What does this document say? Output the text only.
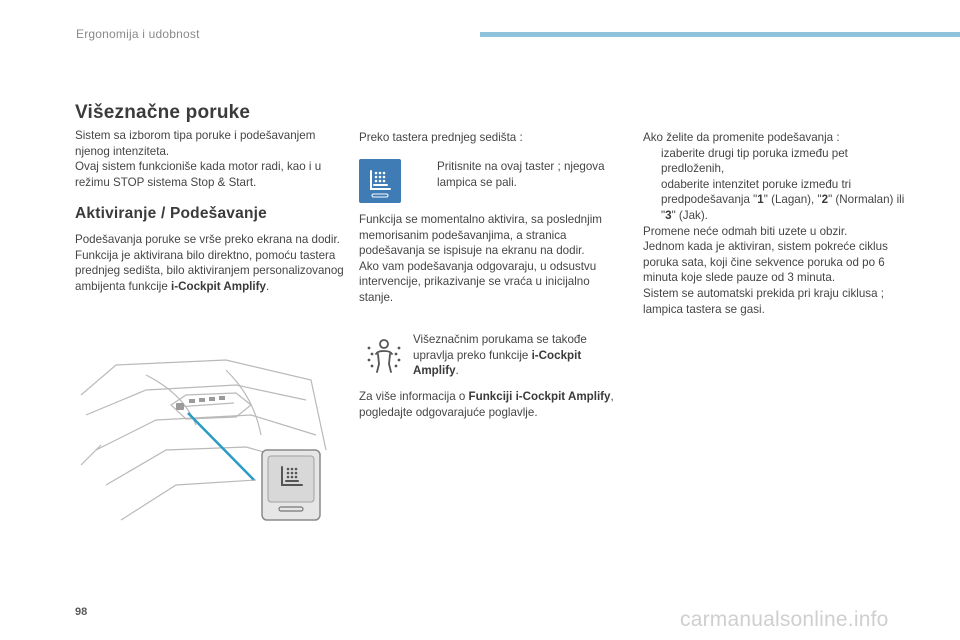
Ergonomija i udobnost
Višeznačne poruke
Sistem sa izborom tipa poruke i podešavanjem njenog intenziteta.
Ovaj sistem funkcioniše kada motor radi, kao i u režimu STOP sistema Stop & Start.
Aktiviranje / Podešavanje
Podešavanja poruke se vrše preko ekrana na dodir.
Funkcija je aktivirana bilo direktno, pomoću tastera prednjeg sedišta, bilo aktiviranjem personalizovanog ambijenta funkcije i-Cockpit Amplify.
Preko tastera prednjeg sedišta :
Pritisnite na ovaj taster ; njegova lampica se pali.
Funkcija se momentalno aktivira, sa poslednjim memorisanim podešavanjima, a stranica podešavanja se ispisuje na ekranu na dodir.
Ako vam podešavanja odgovaraju, u odsustvu intervencije, prikazivanje se vraća u inicijalno stanje.
Višeznačnim porukama se takođe upravlja preko funkcije i-Cockpit Amplify.
Za više informacija o Funkciji i-Cockpit Amplify, pogledajte odgovarajuće poglavlje.
Ako želite da promenite podešavanja :

izaberite drugi tip poruka između pet predloženih,
odaberite intenzitet poruke između tri predpodešavanja "1" (Lagan), "2" (Normalan) ili "3" (Jak).
Promene neće odmah biti uzete u obzir.
Jednom kada je aktiviran, sistem pokreće ciklus poruka sata, koji čine sekvence poruka od po 6 minuta koje slede pauze od 3 minuta.
Sistem se automatski prekida pri kraju ciklusa ; lampica tastera se gasi.
98	carmanualsonline.info
